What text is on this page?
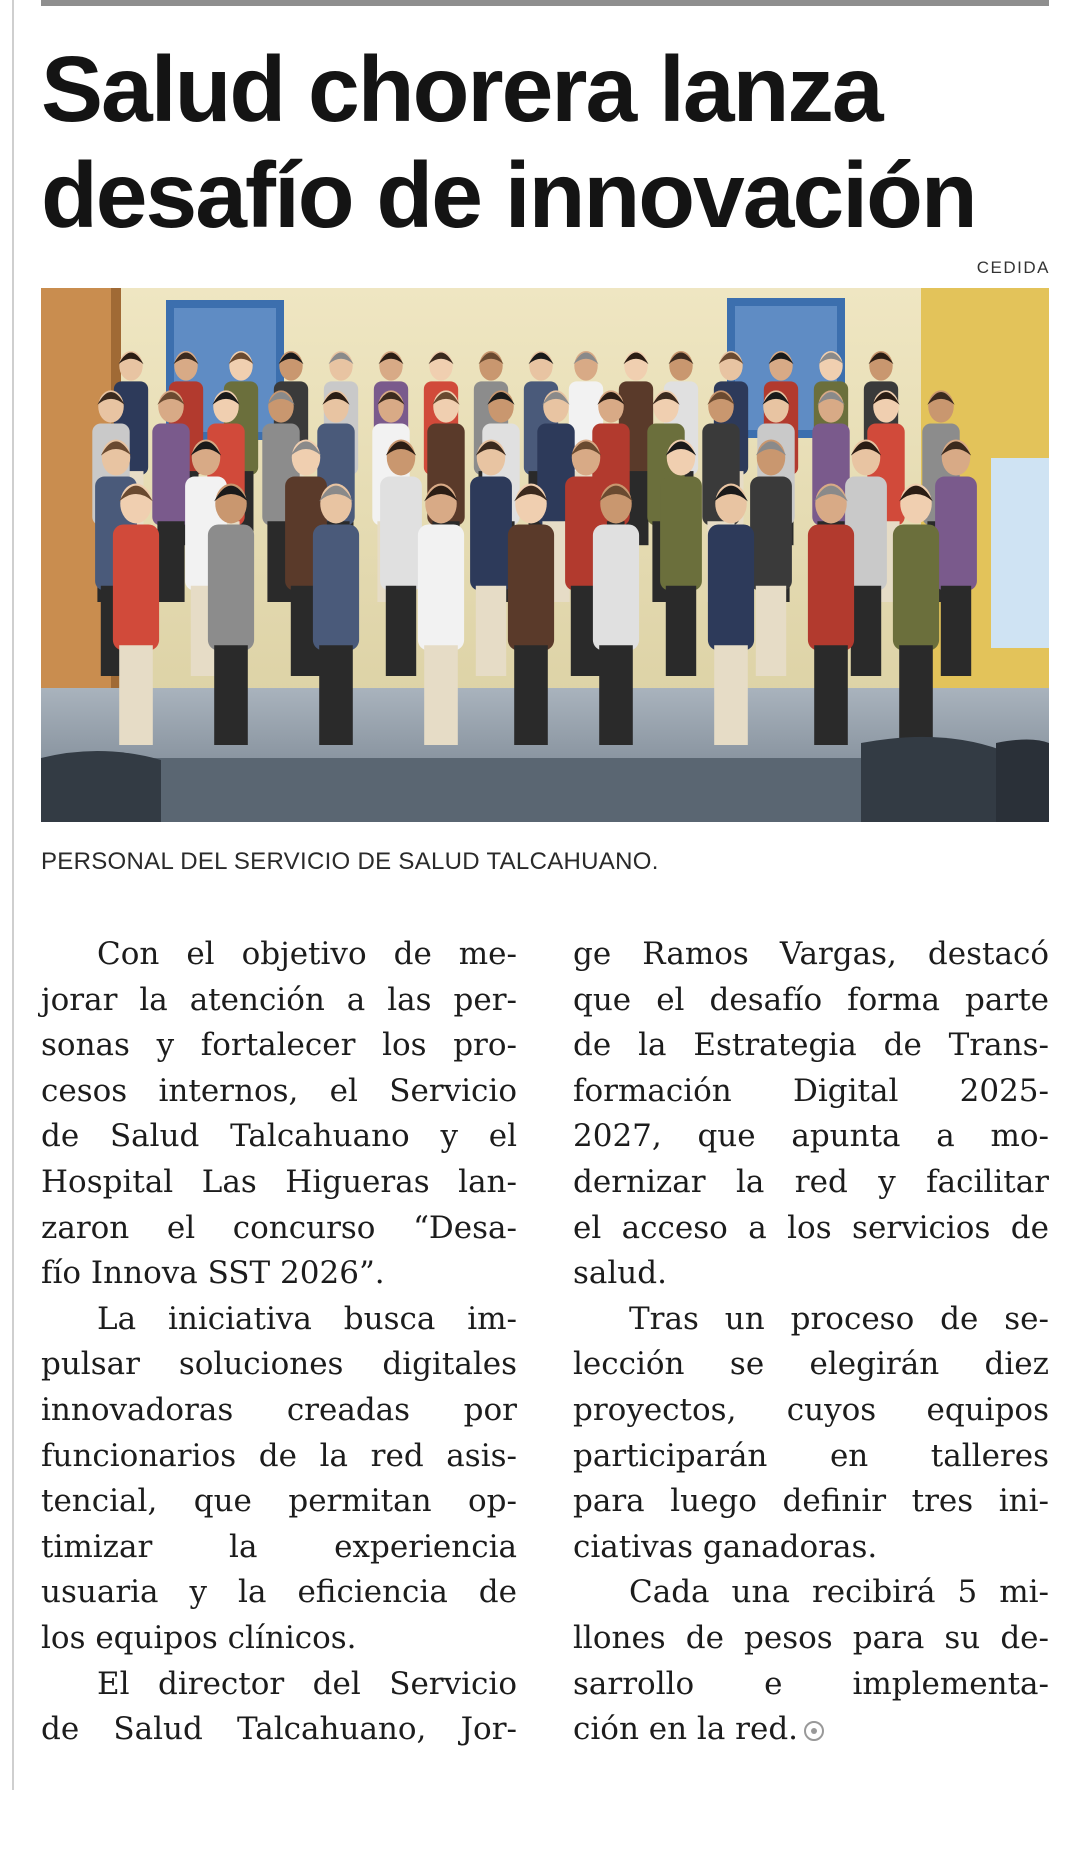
Salud chorera lanza
desafío de innovación
CEDIDA
PERSONAL DEL SERVICIO DE SALUD TALCAHUANO.
Con el objetivo de me-
jorar la atención a las per-
sonas y fortalecer los pro-
cesos internos, el Servicio
de Salud Talcahuano y el
Hospital Las Higueras lan-
zaron el concurso “Desa-
fío Innova SST 2026”.
La iniciativa busca im-
pulsar soluciones digitales
innovadoras creadas por
funcionarios de la red asis-
tencial, que permitan op-
timizar la experiencia
usuaria y la eficiencia de
los equipos clínicos.
El director del Servicio
de Salud Talcahuano, Jor-
ge Ramos Vargas, destacó
que el desafío forma parte
de la Estrategia de Trans-
formación Digital 2025-
2027, que apunta a mo-
dernizar la red y facilitar
el acceso a los servicios de
salud.
Tras un proceso de se-
lección se elegirán diez
proyectos, cuyos equipos
participarán en talleres
para luego definir tres ini-
ciativas ganadoras.
Cada una recibirá 5 mi-
llones de pesos para su de-
sarrollo e implementa-
ción en la red.
